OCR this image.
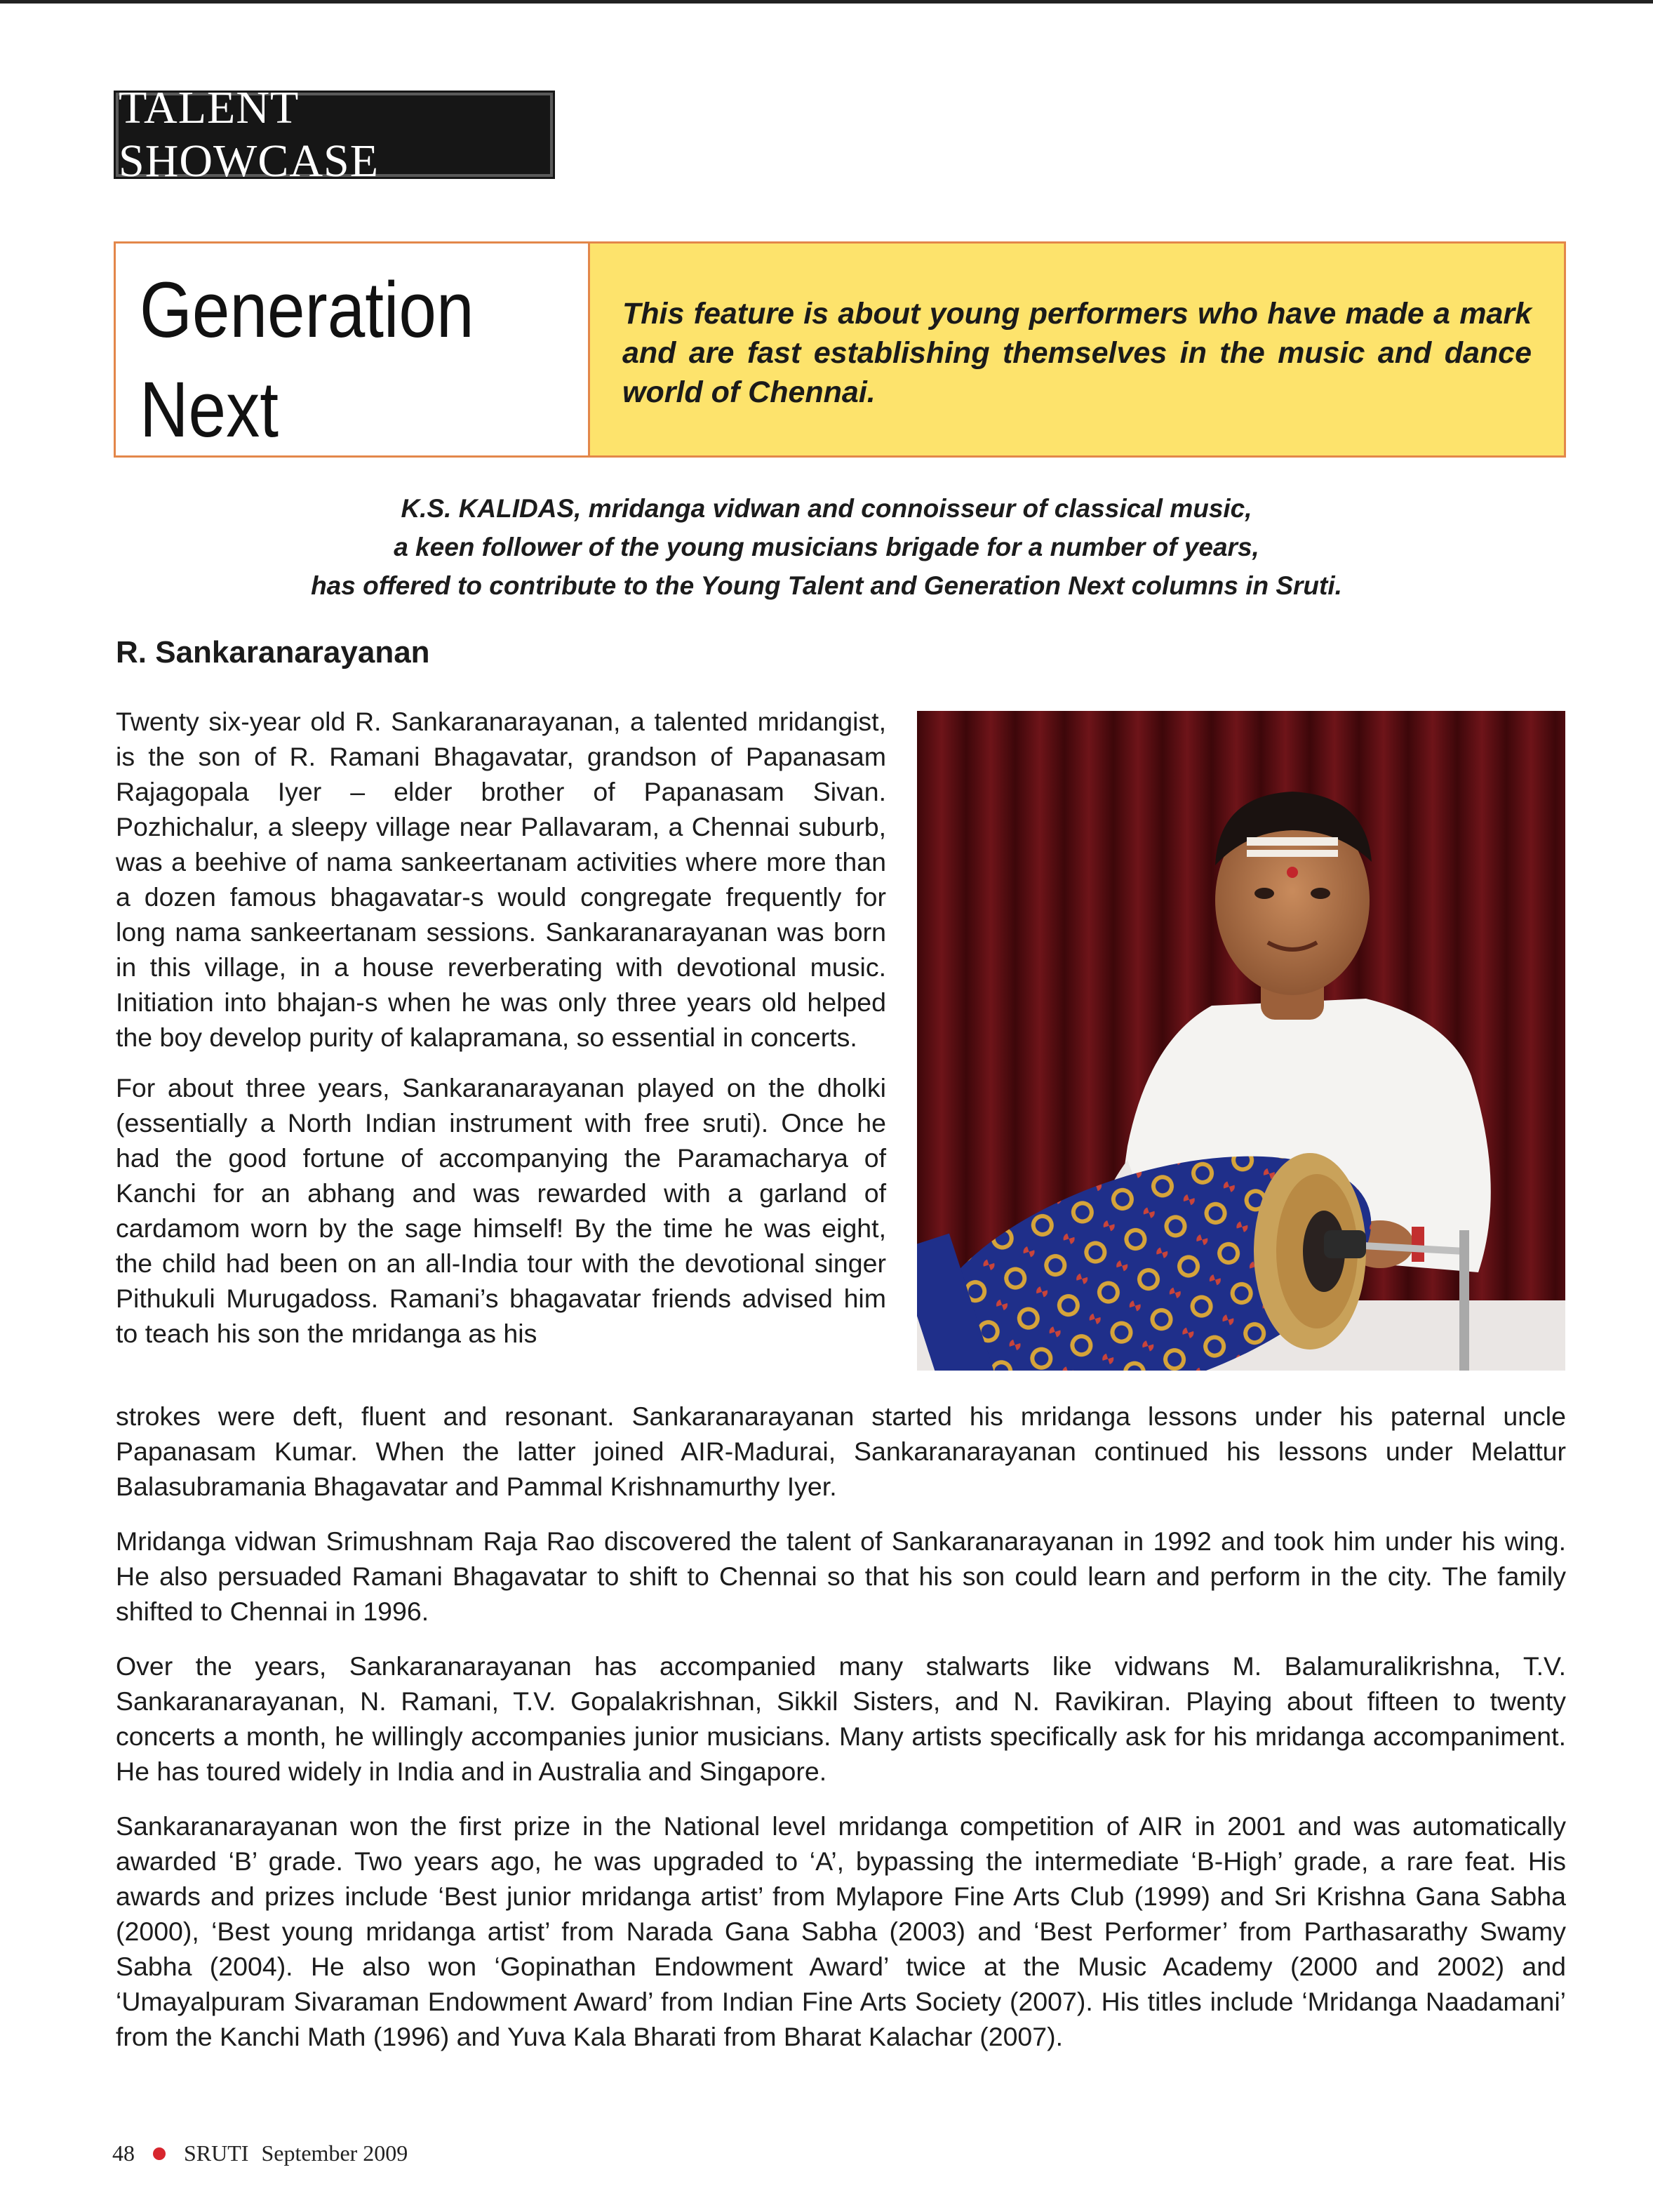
TALENT SHOWCASE
Generation
Next
This feature is about young performers who have made a mark and are fast establishing themselves in the music and dance world of Chennai.
K.S. KALIDAS, mridanga vidwan and connoisseur of classical music,
a keen follower of the young musicians brigade for a number of years,
has offered to contribute to the Young Talent and Generation Next columns in Sruti.
R. Sankaranarayanan

Twenty six-year old R. Sankaranarayanan, a talented mridangist, is the son of R. Ramani Bhagavatar, grandson of Papanasam Rajagopala Iyer – elder brother of Papanasam Sivan. Pozhichalur, a sleepy village near Pallavaram, a Chennai suburb, was a beehive of nama sankeertanam activities where more than a dozen famous bhagavatar-s would congregate frequently for long nama sankeertanam sessions. Sankaranarayanan was born in this village, in a house reverberating with devotional music. Initiation into bhajan-s when he was only three years old helped the boy develop purity of kalapramana, so essential in concerts.

For about three years, Sankaranarayanan played on the dholki (essentially a North Indian instrument with free sruti). Once he had the good fortune of accompanying the Paramacharya of Kanchi for an abhang and was rewarded with a garland of cardamom worn by the sage himself! By the time he was eight, the child had been on an all-India tour with the devotional singer Pithukuli Murugadoss. Ramani’s bhagavatar friends advised him to teach his son the mridanga as his

strokes were deft, fluent and resonant. Sankaranarayanan started his mridanga lessons under his paternal uncle Papanasam Kumar. When the latter joined AIR-Madurai, Sankaranarayanan continued his lessons under Melattur Balasubramania Bhagavatar and Pammal Krishnamurthy Iyer.

Mridanga vidwan Srimushnam Raja Rao discovered the talent of Sankaranarayanan in 1992 and took him under his wing. He also persuaded Ramani Bhagavatar to shift to Chennai so that his son could learn and perform in the city. The family shifted to Chennai in 1996.

Over the years, Sankaranarayanan has accompanied many stalwarts like vidwans M. Balamuralikrishna, T.V. Sankaranarayanan, N. Ramani, T.V. Gopalakrishnan, Sikkil Sisters, and N. Ravikiran. Playing about fifteen to twenty concerts a month, he willingly accompanies junior musicians. Many artists specifically ask for his mridanga accompaniment. He has toured widely in India and in Australia and Singapore.

Sankaranarayanan won the first prize in the National level mridanga competition of AIR in 2001 and was automatically awarded ‘B’ grade. Two years ago, he was upgraded to ‘A’, bypassing the intermediate ‘B-High’ grade, a rare feat. His awards and prizes include ‘Best junior mridanga artist’ from Mylapore Fine Arts Club (1999) and Sri Krishna Gana Sabha (2000), ‘Best young mridanga artist’ from Narada Gana Sabha (2003) and ‘Best Performer’ from Parthasarathy Swamy Sabha (2004). He also won ‘Gopinathan Endowment Award’ twice at the Music Academy (2000 and 2002) and ‘Umayalpuram Sivaraman Endowment Award’ from Indian Fine Arts Society (2007). His titles include ‘Mridanga Naadamani’ from the Kanchi Math (1996) and Yuva Kala Bharati from Bharat Kalachar (2007).

48 SRUTI September 2009
